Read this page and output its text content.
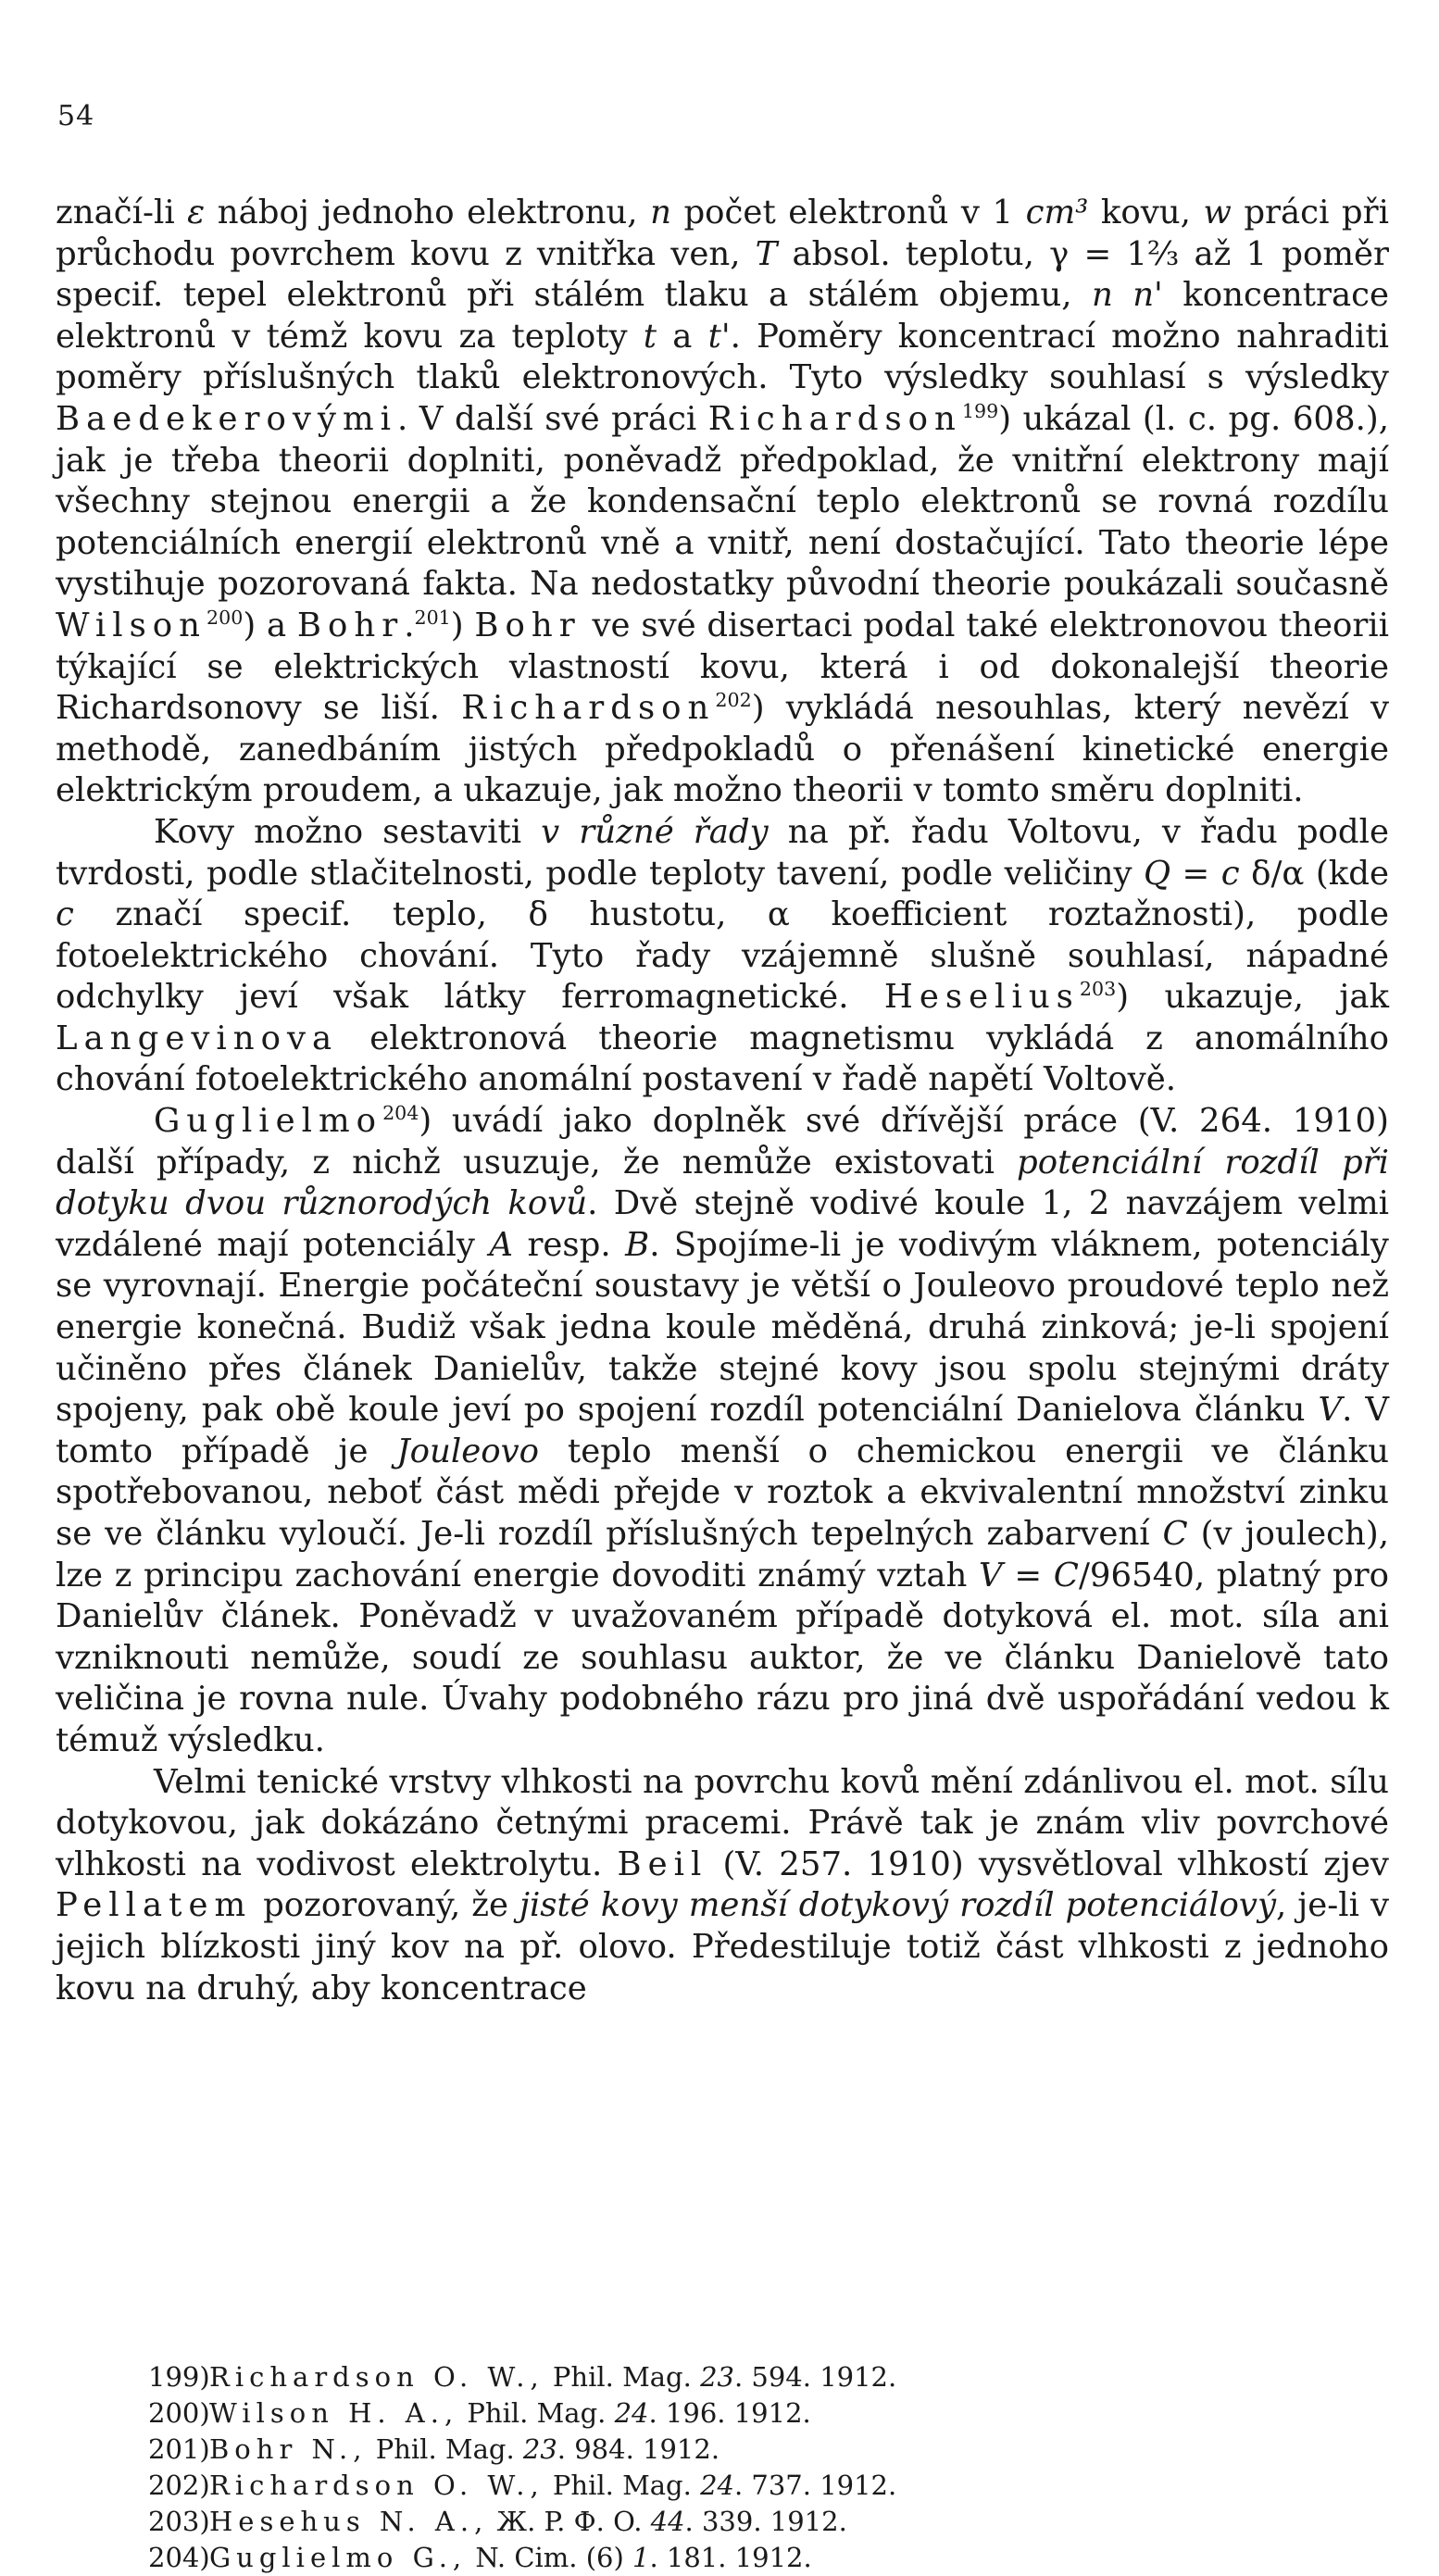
54

značí-li ε náboj jednoho elektronu, n počet elektronů v 1 cm³ kovu, w práci při průchodu povrchem kovu z vnitřka ven, T absol. teplotu, γ = 1⅔ až 1 poměr specif. tepel elektronů při stálém tlaku a stálém objemu, n n' koncentrace elektronů v témž kovu za teploty t a t'. Poměry koncentrací možno nahraditi poměry příslušných tlaků elektronových. Tyto výsledky souhlasí s výsledky Baedekerovými. V další své práci Richardson$^{199}$) ukázal (l. c. pg. 608.), jak je třeba theorii doplniti, poněvadž předpoklad, že vnitřní elektrony mají všechny stejnou energii a že kondensační teplo elektronů se rovná rozdílu potenciálních energií elektronů vně a vnitř, není dostačující. Tato theorie lépe vystihuje pozorovaná fakta. Na nedostatky původní theorie poukázali současně Wilson$^{200}$) a Bohr.$^{201}$) Bohr ve své disertaci podal také elektronovou theorii týkající se elektrických vlastností kovu, která i od dokonalejší theorie Richardsonovy se liší. Richardson$^{202}$) vykládá nesouhlas, který nevězí v methodě, zanedbáním jistých předpokladů o přenášení kinetické energie elektrickým proudem, a ukazuje, jak možno theorii v tomto směru doplniti.

Kovy možno sestaviti v různé řady na př. řadu Voltovu, v řadu podle tvrdosti, podle stlačitelnosti, podle teploty tavení, podle veličiny Q = c δ/α (kde c značí specif. teplo, δ hustotu, α koefficient roztažnosti), podle fotoelektrického chování. Tyto řady vzájemně slušně souhlasí, nápadné odchylky jeví však látky ferromagnetické. Heselius$^{203}$) ukazuje, jak Langevinova elektronová theorie magnetismu vykládá z anomálního chování fotoelektrického anomální postavení v řadě napětí Voltově.

Guglielmo$^{204}$) uvádí jako doplněk své dřívější práce (V. 264. 1910) další případy, z nichž usuzuje, že nemůže existovati potenciální rozdíl při dotyku dvou různorodých kovů. Dvě stejně vodivé koule 1, 2 navzájem velmi vzdálené mají potenciály A resp. B. Spojíme-li je vodivým vláknem, potenciály se vyrovnají. Energie počáteční soustavy je větší o Jouleovo proudové teplo než energie konečná. Budiž však jedna koule měděná, druhá zinková; je-li spojení učiněno přes článek Danielův, takže stejné kovy jsou spolu stejnými dráty spojeny, pak obě koule jeví po spojení rozdíl potenciální Danielova článku V. V tomto případě je Jouleovo teplo menší o chemickou energii ve článku spotřebovanou, neboť část mědi přejde v roztok a ekvivalentní množství zinku se ve článku vyloučí. Je-li rozdíl příslušných tepelných zabarvení C (v joulech), lze z principu zachování energie dovoditi známý vztah V = C/96540, platný pro Danielův článek. Poněvadž v uvažovaném případě dotyková el. mot. síla ani vzniknouti nemůže, soudí ze souhlasu auktor, že ve článku Danielově tato veličina je rovna nule. Úvahy podobného rázu pro jiná dvě uspořádání vedou k témuž výsledku.

Velmi tenické vrstvy vlhkosti na povrchu kovů mění zdánlivou el. mot. sílu dotykovou, jak dokázáno četnými pracemi. Právě tak je znám vliv povrchové vlhkosti na vodivost elektrolytu. Beil (V. 257. 1910) vysvětloval vlhkostí zjev Pellatem pozorovaný, že jisté kovy menší dotykový rozdíl potenciálový, je-li v jejich blízkosti jiný kov na př. olovo. Předestiluje totiž část vlhkosti z jednoho kovu na druhý, aby koncentrace

199)Richardson O. W., Phil. Mag. 23. 594. 1912.
200)Wilson H. A., Phil. Mag. 24. 196. 1912.
201)Bohr N., Phil. Mag. 23. 984. 1912.
202)Richardson O. W., Phil. Mag. 24. 737. 1912.
203)Hesehus N. A., Ж. P. Ф. O. 44. 339. 1912.
204)Guglielmo G., N. Cim. (6) 1. 181. 1912.
